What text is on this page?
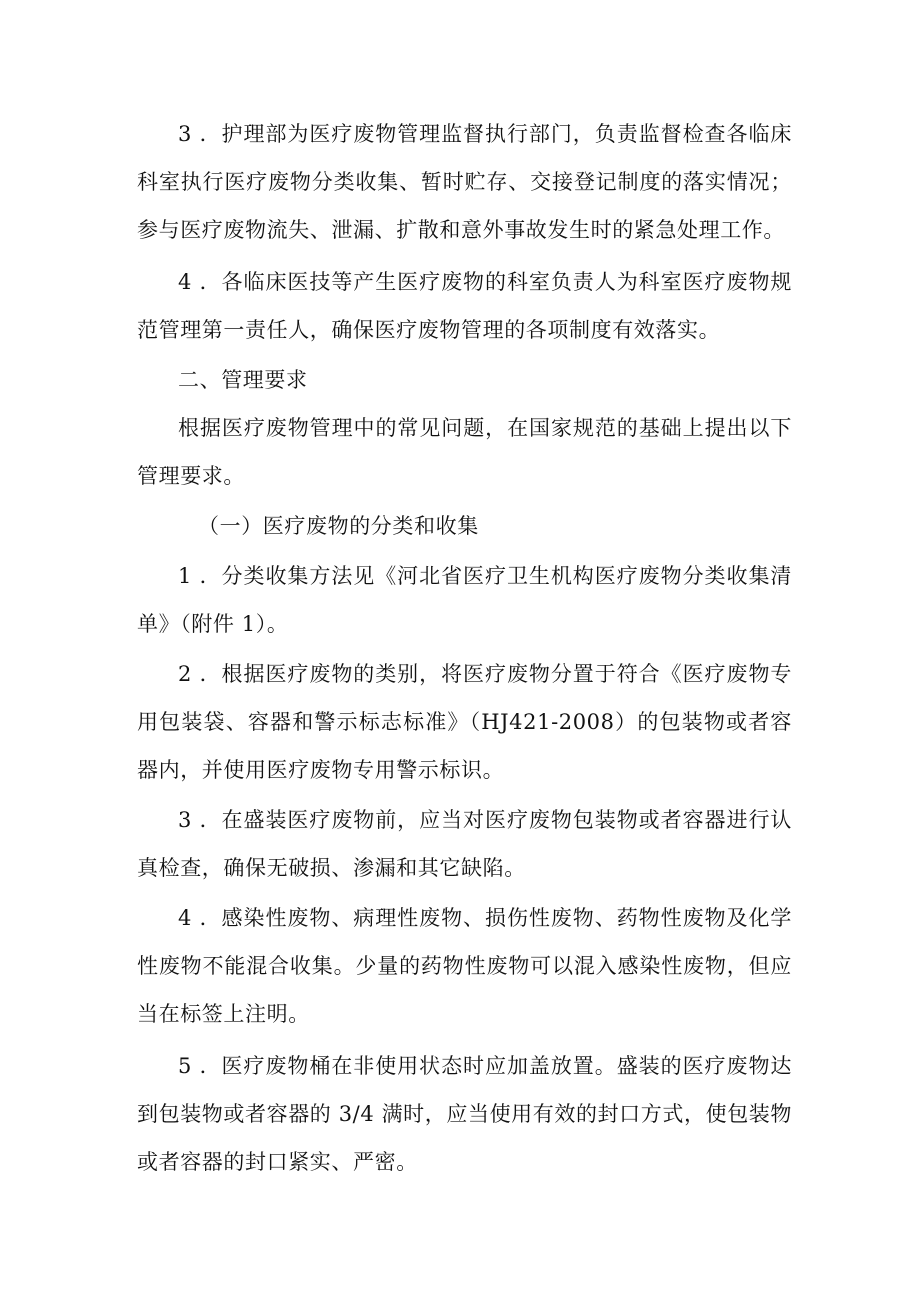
3 ．护理部为医疗废物管理监督执行部门，负责监督检查各临床科室执行医疗废物分类收集、暂时贮存、交接登记制度的落实情况；参与医疗废物流失、泄漏、扩散和意外事故发生时的紧急处理工作。

4 ．各临床医技等产生医疗废物的科室负责人为科室医疗废物规范管理第一责任人，确保医疗废物管理的各项制度有效落实。

二、管理要求

根据医疗废物管理中的常见问题，在国家规范的基础上提出以下管理要求。

（一）医疗废物的分类和收集

1 ．分类收集方法见《河北省医疗卫生机构医疗废物分类收集清单》（附件 1）。

2 ．根据医疗废物的类别，将医疗废物分置于符合《医疗废物专用包装袋、容器和警示标志标准》（HJ421-2008）的包装物或者容器内，并使用医疗废物专用警示标识。

3 ．在盛装医疗废物前，应当对医疗废物包装物或者容器进行认真检查，确保无破损、渗漏和其它缺陷。

4 ．感染性废物、病理性废物、损伤性废物、药物性废物及化学性废物不能混合收集。少量的药物性废物可以混入感染性废物，但应当在标签上注明。

5 ．医疗废物桶在非使用状态时应加盖放置。盛装的医疗废物达到包装物或者容器的 3/4 满时，应当使用有效的封口方式，使包装物或者容器的封口紧实、严密。
